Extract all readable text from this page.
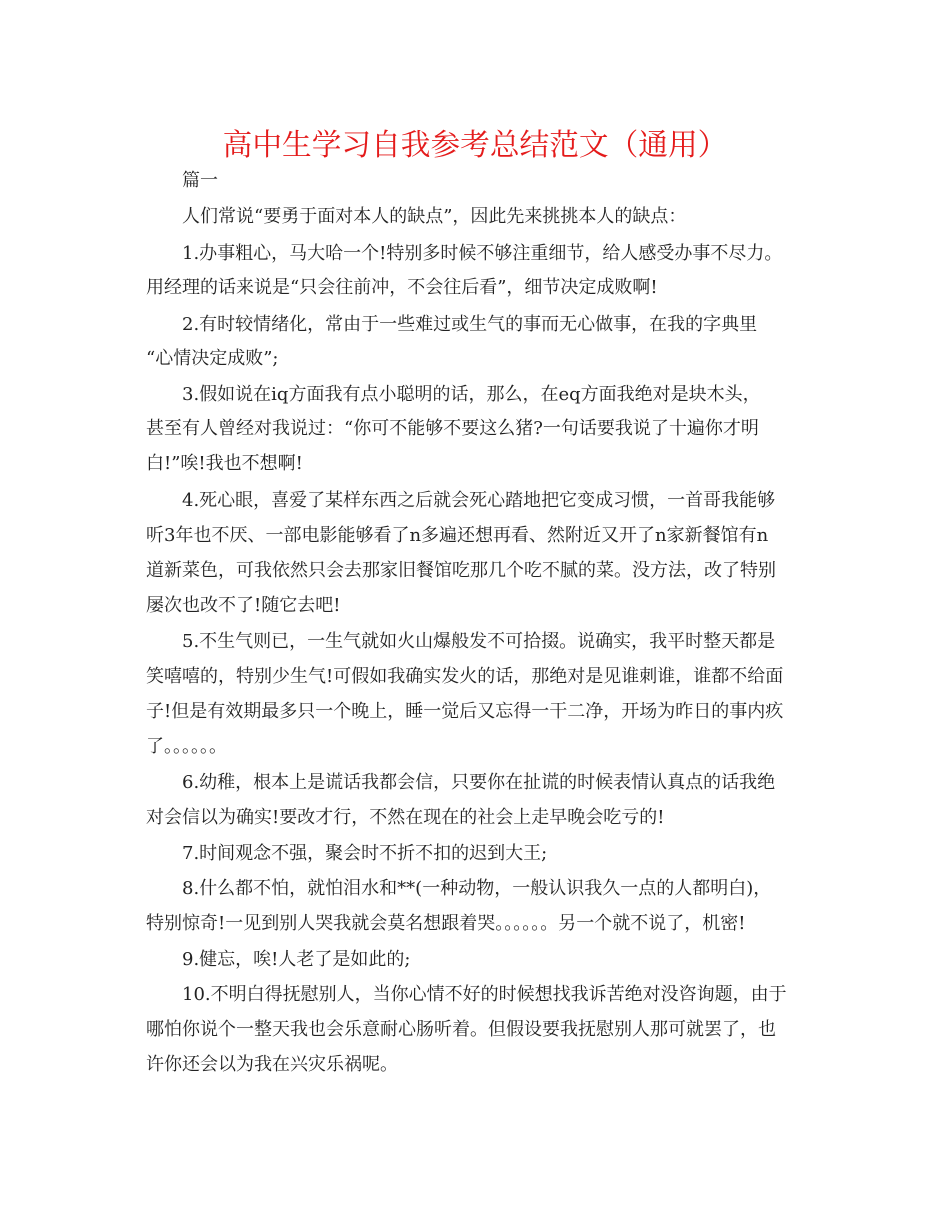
高中生学习自我参考总结范文（通用）
篇一
人们常说“要勇于面对本人的缺点”，因此先来挑挑本人的缺点：
1.办事粗心，马大哈一个!特别多时候不够注重细节，给人感受办事不尽力。
用经理的话来说是“只会往前冲，不会往后看”，细节决定成败啊!
2.有时较情绪化，常由于一些难过或生气的事而无心做事，在我的字典里
“心情决定成败”;
3.假如说在iq方面我有点小聪明的话，那么，在eq方面我绝对是块木头，
甚至有人曾经对我说过：“你可不能够不要这么猪?一句话要我说了十遍你才明
白!”唉!我也不想啊!
4.死心眼，喜爱了某样东西之后就会死心踏地把它变成习惯，一首哥我能够
听3年也不厌、一部电影能够看了n多遍还想再看、然附近又开了n家新餐馆有n
道新菜色，可我依然只会去那家旧餐馆吃那几个吃不腻的菜。没方法，改了特别
屡次也改不了!随它去吧!
5.不生气则已，一生气就如火山爆般发不可拾掇。说确实，我平时整天都是
笑嘻嘻的，特别少生气!可假如我确实发火的话，那绝对是见谁刺谁，谁都不给面
子!但是有效期最多只一个晚上，睡一觉后又忘得一干二净，开场为昨日的事内疚
了。。。。。。
6.幼稚，根本上是谎话我都会信，只要你在扯谎的时候表情认真点的话我绝
对会信以为确实!要改才行，不然在现在的社会上走早晚会吃亏的!
7.时间观念不强，聚会时不折不扣的迟到大王;
8.什么都不怕，就怕泪水和**(一种动物，一般认识我久一点的人都明白)，
特别惊奇!一见到别人哭我就会莫名想跟着哭。。。。。。另一个就不说了，机密!
9.健忘，唉!人老了是如此的;
10.不明白得抚慰别人，当你心情不好的时候想找我诉苦绝对没咨询题，由于
哪怕你说个一整天我也会乐意耐心肠听着。但假设要我抚慰别人那可就罢了，也
许你还会以为我在兴灾乐祸呢。
